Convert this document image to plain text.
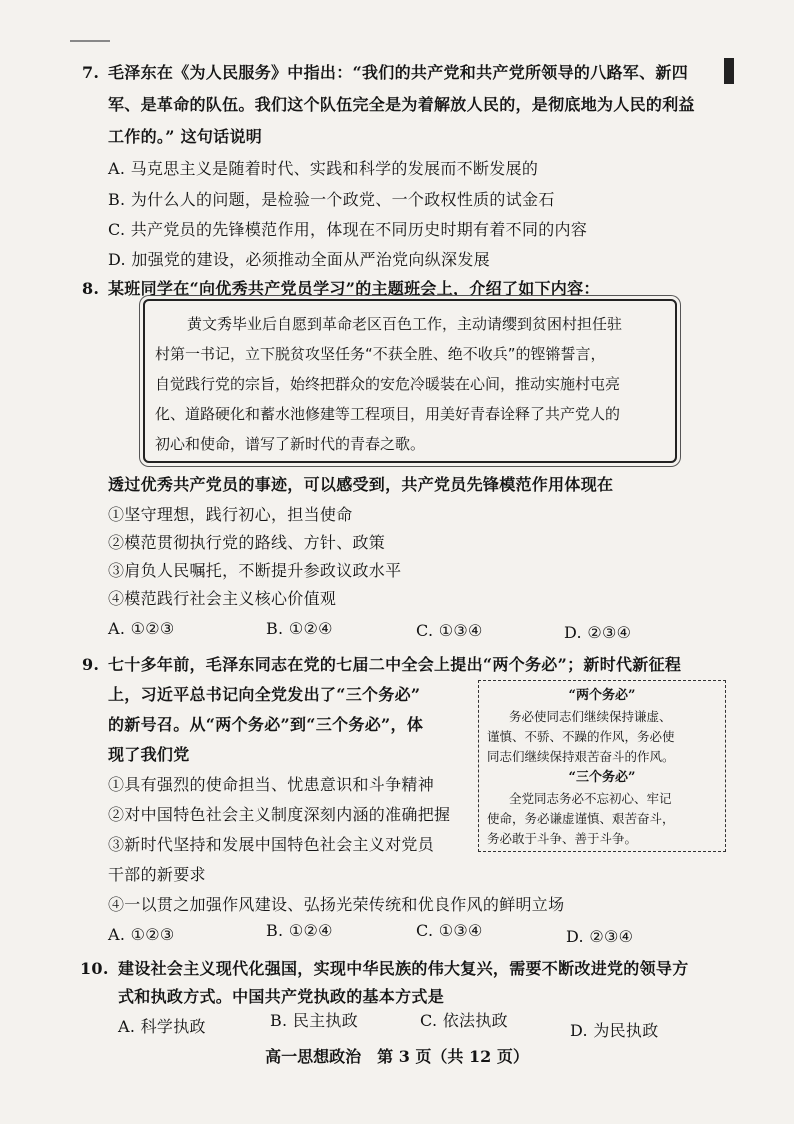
7. 毛泽东在《为人民服务》中指出：“我们的共产党和共产党所领导的八路军、新四
军、是革命的队伍。我们这个队伍完全是为着解放人民的，是彻底地为人民的利益
工作的。” 这句话说明
A. 马克思主义是随着时代、实践和科学的发展而不断发展的
B. 为什么人的问题，是检验一个政党、一个政权性质的试金石
C. 共产党员的先锋模范作用，体现在不同历史时期有着不同的内容
D. 加强党的建设，必须推动全面从严治党向纵深发展
8. 某班同学在“向优秀共产党员学习”的主题班会上，介绍了如下内容：
黄文秀毕业后自愿到革命老区百色工作，主动请缨到贫困村担任驻
村第一书记，立下脱贫攻坚任务“不获全胜、绝不收兵”的铿锵誓言，
自觉践行党的宗旨，始终把群众的安危冷暖装在心间，推动实施村屯亮
化、道路硬化和蓄水池修建等工程项目，用美好青春诠释了共产党人的
初心和使命，谱写了新时代的青春之歌。
透过优秀共产党员的事迹，可以感受到，共产党员先锋模范作用体现在
①坚守理想，践行初心，担当使命
②模范贯彻执行党的路线、方针、政策
③肩负人民嘱托，不断提升参政议政水平
④模范践行社会主义核心价值观
A. ①②③	B. ①②④	C. ①③④	D. ②③④
9. 七十多年前，毛泽东同志在党的七届二中全会上提出“两个务必”；新时代新征程
上，习近平总书记向全党发出了“三个务必”
的新号召。从“两个务必”到“三个务必”，体
现了我们党
①具有强烈的使命担当、忧患意识和斗争精神
②对中国特色社会主义制度深刻内涵的准确把握
③新时代坚持和发展中国特色社会主义对党员
干部的新要求
④一以贯之加强作风建设、弘扬光荣传统和优良作风的鲜明立场
“两个务必”
务必使同志们继续保持谦虚、
谨慎、不骄、不躁的作风，务必使
同志们继续保持艰苦奋斗的作风。
“三个务必”
全党同志务必不忘初心、牢记
使命，务必谦虚谨慎、艰苦奋斗，
务必敢于斗争、善于斗争。
A. ①②③	B. ①②④	C. ①③④	D. ②③④
10. 建设社会主义现代化强国，实现中华民族的伟大复兴，需要不断改进党的领导方
式和执政方式。中国共产党执政的基本方式是
A. 科学执政	B. 民主执政	C. 依法执政
D. 为民执政
高一思想政治　第 3 页（共 12 页）
